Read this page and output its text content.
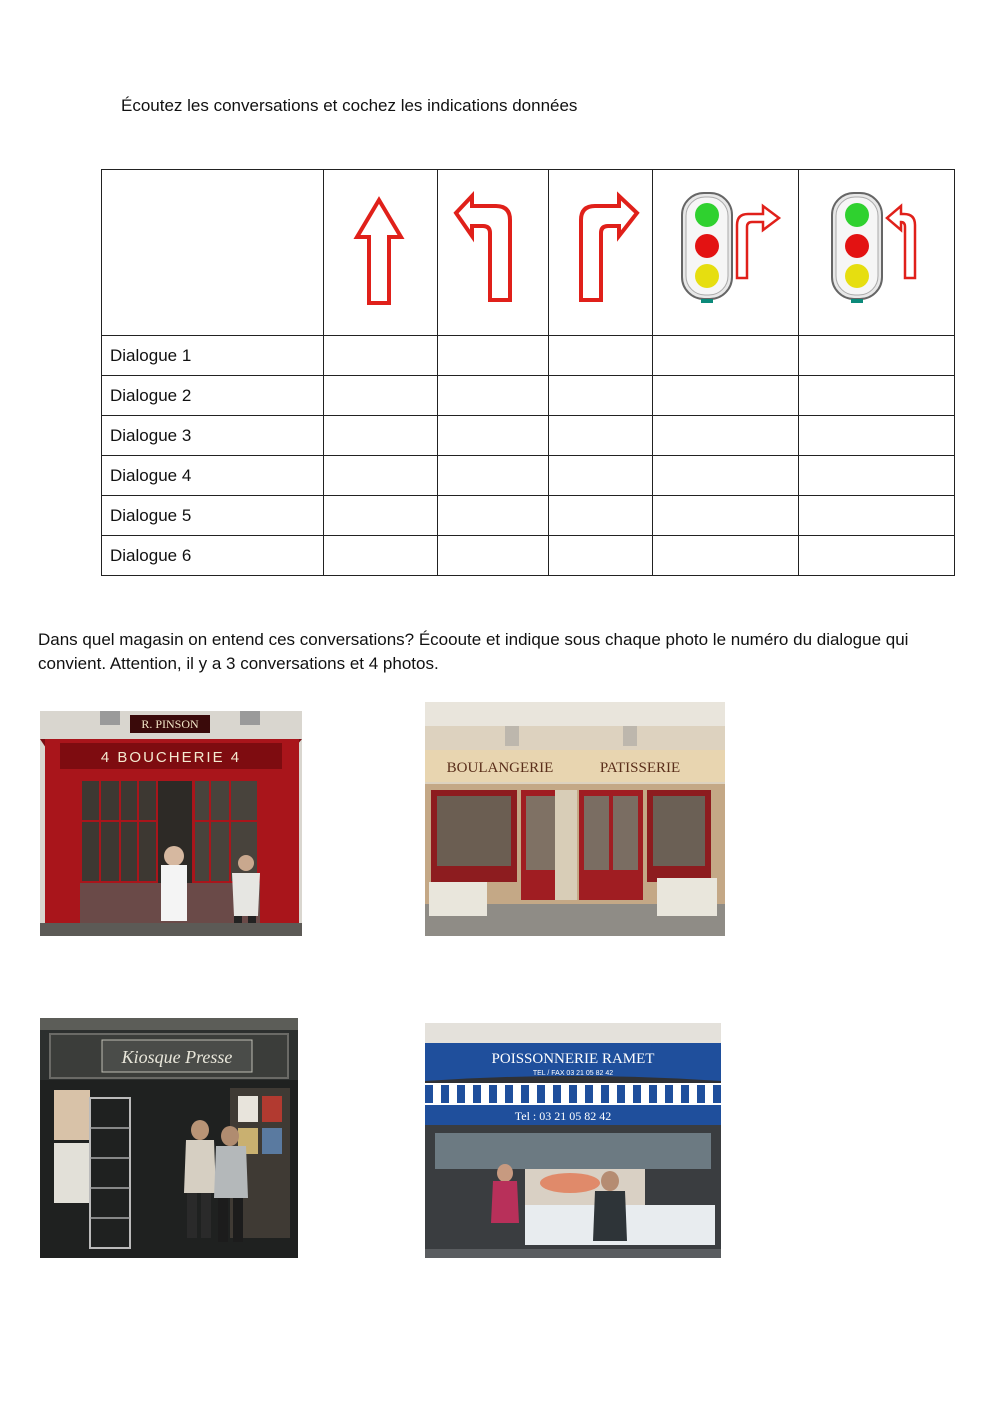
Écoutez les conversations et cochez les indications données

Dialogue 1					
Dialogue 2					
Dialogue 3					
Dialogue 4					
Dialogue 5					
Dialogue 6					
Dans quel magasin on entend ces conversations? Écooute et indique sous chaque photo le numéro du dialogue qui convient. Attention, il y a 3 conversations et 4 photos.
R. PINSON
4 BOUCHERIE 4
BOULANGERIE	PATISSERIE
Kiosque Presse	POISSONNERIE RAMET
TEL / FAX 03 21 05 82 42
Tel : 03 21 05 82 42
